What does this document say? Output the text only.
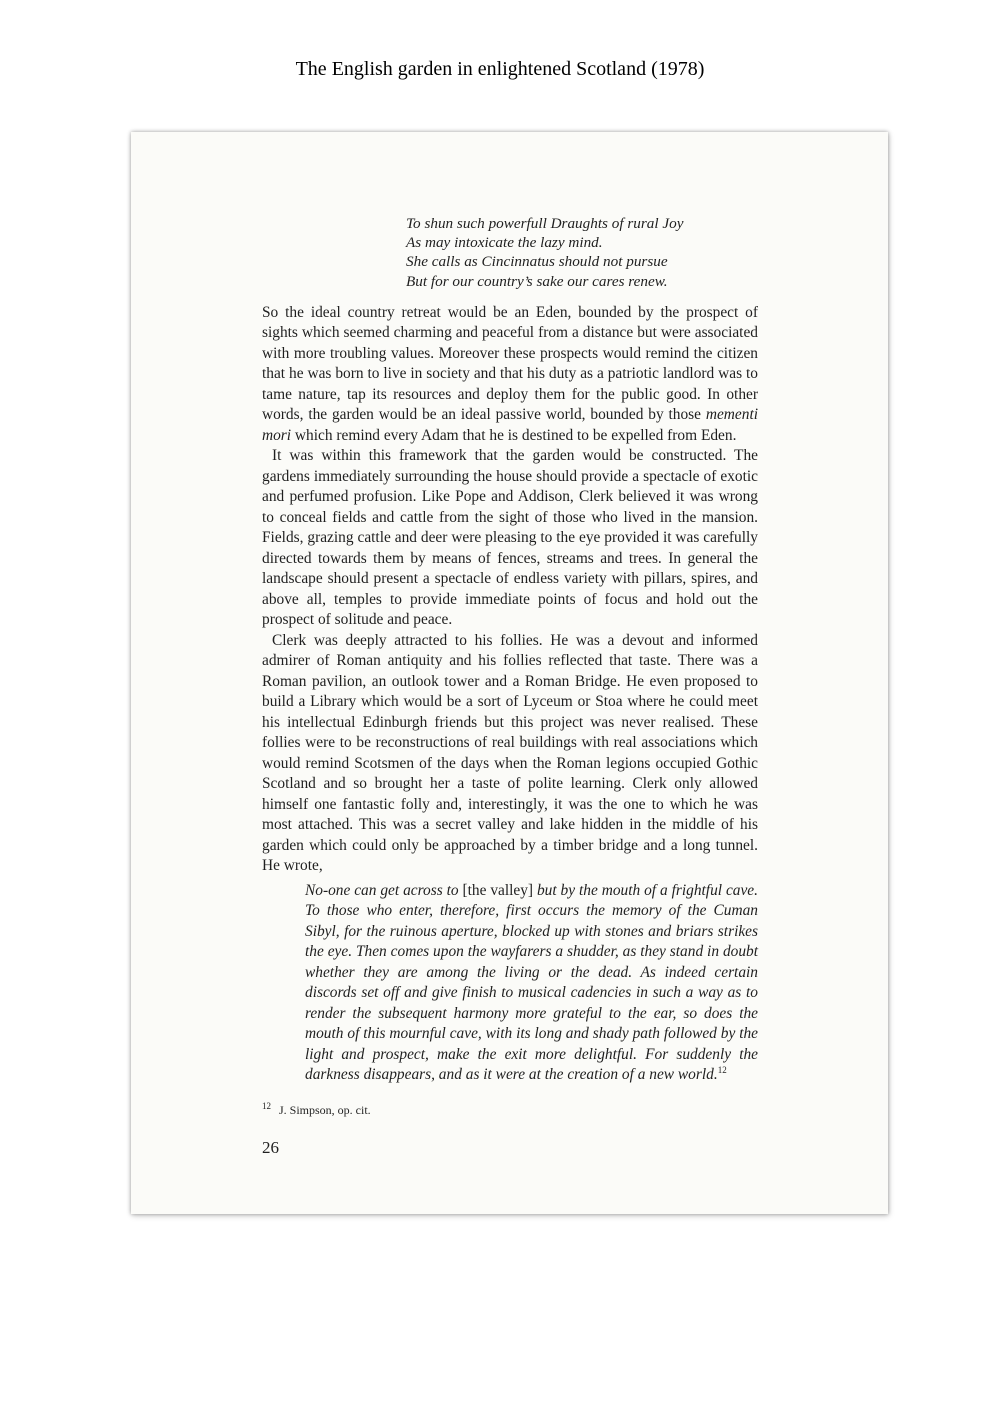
The English garden in enlightened Scotland (1978)
To shun such powerfull Draughts of rural Joy
As may intoxicate the lazy mind.
She calls as Cincinnatus should not pursue
But for our country’s sake our cares renew.

So the ideal country retreat would be an Eden, bounded by the prospect of sights which seemed charming and peaceful from a distance but were associated with more troubling values. Moreover these prospects would remind the citizen that he was born to live in society and that his duty as a patriotic landlord was to tame nature, tap its resources and deploy them for the public good. In other words, the garden would be an ideal passive world, bounded by those mementi mori which remind every Adam that he is destined to be expelled from Eden.

It was within this framework that the garden would be constructed. The gardens immediately surrounding the house should provide a spectacle of exotic and perfumed profusion. Like Pope and Addison, Clerk believed it was wrong to conceal fields and cattle from the sight of those who lived in the mansion. Fields, grazing cattle and deer were pleasing to the eye provided it was carefully directed towards them by means of fences, streams and trees. In general the landscape should present a spectacle of endless variety with pillars, spires, and above all, temples to provide immediate points of focus and hold out the prospect of solitude and peace.

Clerk was deeply attracted to his follies. He was a devout and informed admirer of Roman antiquity and his follies reflected that taste. There was a Roman pavilion, an outlook tower and a Roman Bridge. He even proposed to build a Library which would be a sort of Lyceum or Stoa where he could meet his intellectual Edinburgh friends but this project was never realised. These follies were to be reconstructions of real buildings with real associations which would remind Scotsmen of the days when the Roman legions occupied Gothic Scotland and so brought her a taste of polite learning. Clerk only allowed himself one fantastic folly and, interestingly, it was the one to which he was most attached. This was a secret valley and lake hidden in the middle of his garden which could only be approached by a timber bridge and a long tunnel. He wrote,

No-one can get across to [the valley] but by the mouth of a frightful cave. To those who enter, therefore, first occurs the memory of the Cuman Sibyl, for the ruinous aperture, blocked up with stones and briars strikes the eye. Then comes upon the wayfarers a shudder, as they stand in doubt whether they are among the living or the dead. As indeed certain discords set off and give finish to musical cadencies in such a way as to render the subsequent harmony more grateful to the ear, so does the mouth of this mournful cave, with its long and shady path followed by the light and prospect, make the exit more delightful. For suddenly the darkness disappears, and as it were at the creation of a new world.$^{12}$
$^{12}$ J. Simpson, op. cit.
26
